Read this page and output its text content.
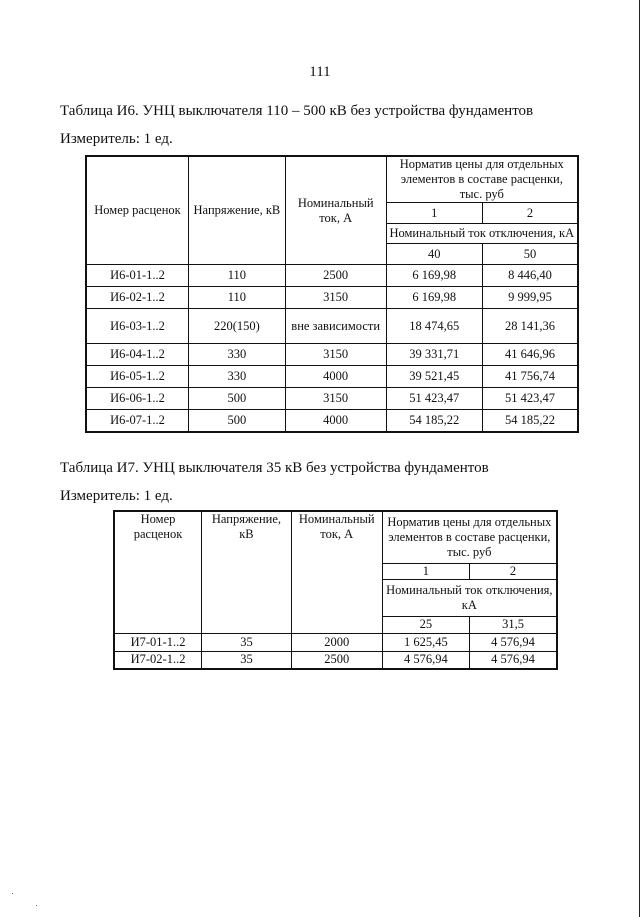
111
Таблица И6. УНЦ выключателя 110 – 500 кВ без устройства фундаментов
Измеритель: 1 ед.
Номер расценок	Напряжение, кВ	Номинальный ток, А	Норматив цены для отдельных элементов в составе расценки, тыс. руб	
			1	2
			Номинальный ток отключения, кА	
			40	50
И6-01-1..2	110	2500	6 169,98	8 446,40
И6-02-1..2	110	3150	6 169,98	9 999,95
И6-03-1..2	220(150)	вне зависимости	18 474,65	28 141,36
И6-04-1..2	330	3150	39 331,71	41 646,96
И6-05-1..2	330	4000	39 521,45	41 756,74
И6-06-1..2	500	3150	51 423,47	51 423,47
И6-07-1..2	500	4000	54 185,22	54 185,22
Таблица И7. УНЦ выключателя 35 кВ без устройства фундаментов
Измеритель: 1 ед.
Номер расценок	Напряжение, кВ	Номинальный ток, А	Норматив цены для отдельных элементов в составе расценки, тыс. руб	
			1	2
			Номинальный ток отключения, кА	
			25	31,5
И7-01-1..2	35	2000	1 625,45	4 576,94
И7-02-1..2	35	2500	4 576,94	4 576,94
